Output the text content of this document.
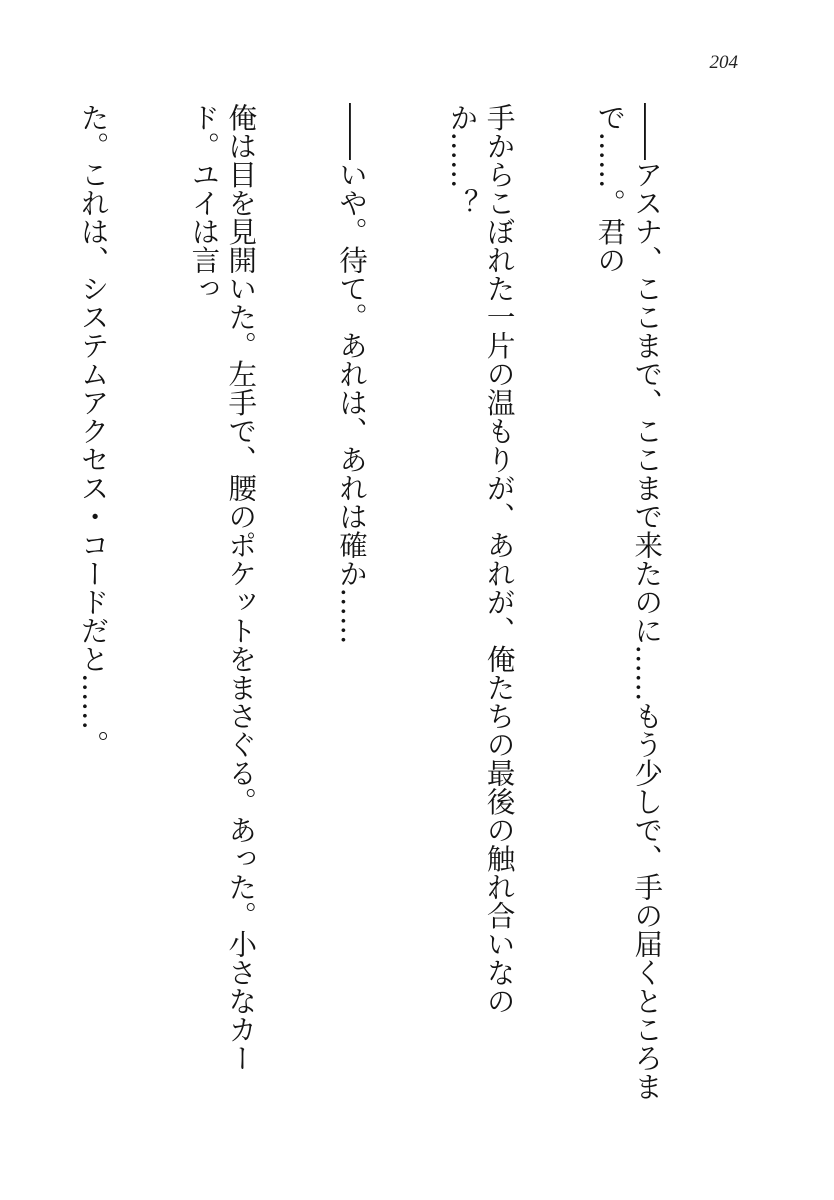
204

――アスナ、ここまで、ここまで来たのに……もう少しで、手の届くところまで……。君の

手からこぼれた一片の温もりが、あれが、俺たちの最後の触れ合いなのか……？

――いや。待て。あれは、あれは確か……

俺は目を見開いた。左手で、腰のポケットをまさぐる。あった。小さなカード。ユイは言っ

た。これは、システムアクセス・コードだと……。
